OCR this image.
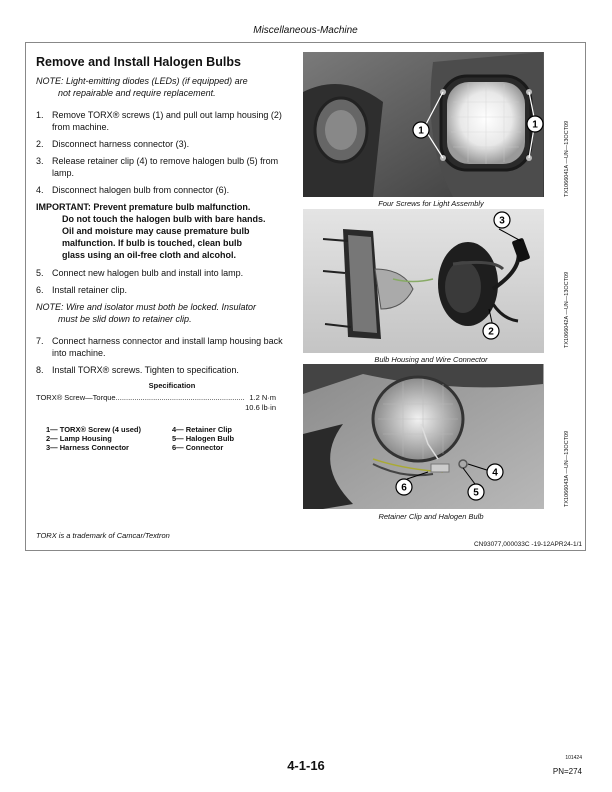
Miscellaneous-Machine
Remove and Install Halogen Bulbs
NOTE: Light-emitting diodes (LEDs) (if equipped) are
not repairable and require replacement.
1. Remove TORX® screws (1) and pull out lamp housing (2) from machine.
2. Disconnect harness connector (3).
3. Release retainer clip (4) to remove halogen bulb (5) from lamp.
4. Disconnect halogen bulb from connector (6).
IMPORTANT: Prevent premature bulb malfunction.
Do not touch the halogen bulb with bare hands.
Oil and moisture may cause premature bulb
malfunction. If bulb is touched, clean bulb
glass using an oil-free cloth and alcohol.
5. Connect new halogen bulb and install into lamp.
6. Install retainer clip.
NOTE: Wire and isolator must both be locked. Insulator
must be slid down to retainer clip.
7. Connect harness connector and install lamp housing back into machine.
8. Install TORX® screws. Tighten to specification.
Specification
TORX® Screw—Torque.............................................................. 1.2 N·m
10.6 lb·in
1— TORX® Screw (4 used)
2— Lamp Housing
3— Harness Connector
4— Retainer Clip
5— Halogen Bulb
6— Connector
TORX is a trademark of Camcar/Textron
CN93077,000033C -19-12APR24-1/1
1
1
Four Screws for Light Assembly
TX1066041A —UN—13OCT09
3
2
Bulb Housing and Wire Connector
TX1066042A —UN—13OCT09
4
6	5
Retainer Clip and Halogen Bulb
TX1066043A —UN—13OCT09
4-1-16	101424
PN=274
